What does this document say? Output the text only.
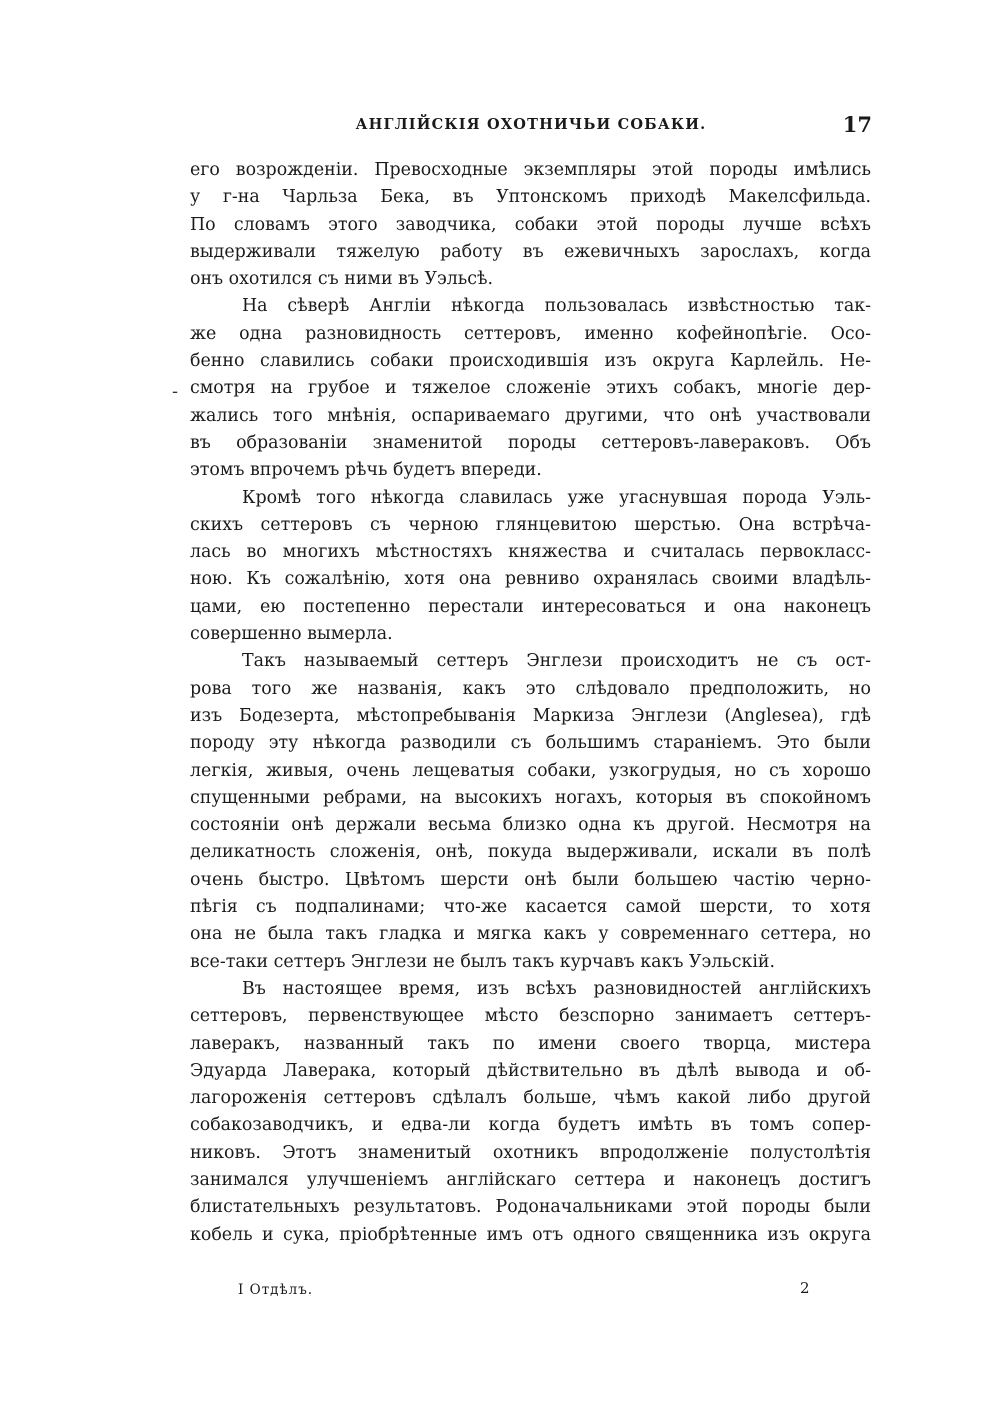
АНГЛІЙСКІЯ ОХОТНИЧЬИ СОБАКИ.	17
-
его возрожденіи. Превосходные экземпляры этой породы имѣлись
у г-на Чарльза Бека, въ Уптонскомъ приходѣ Макелсфильда.
По словамъ этого заводчика, собаки этой породы лучше всѣхъ
выдерживали тяжелую работу въ ежевичныхъ зарослахъ, когда
онъ охотился съ ними въ Уэльсѣ.
На сѣверѣ Англіи нѣкогда пользовалась извѣстностью так-
же одна разновидность сеттеровъ, именно кофейнопѣгіе. Осо-
бенно славились собаки происходившія изъ округа Карлейль. Не-
смотря на грубое и тяжелое сложеніе этихъ собакъ, многіе дер-
жались того мнѣнія, оспариваемаго другими, что онѣ участвовали
въ образованіи знаменитой породы сеттеровъ-лавераковъ. Объ
этомъ впрочемъ рѣчь будетъ впереди.
Кромѣ того нѣкогда славилась уже угаснувшая порода Уэль-
скихъ сеттеровъ съ черною глянцевитою шерстью. Она встрѣча-
лась во многихъ мѣстностяхъ княжества и считалась первокласс-
ною. Къ сожалѣнію, хотя она ревниво охранялась своими владѣль-
цами, ею постепенно перестали интересоваться и она наконецъ
совершенно вымерла.
Такъ называемый сеттеръ Энглези происходитъ не съ ост-
рова того же названія, какъ это слѣдовало предположить, но
изъ Бодезерта, мѣстопребыванія Маркиза Энглези (Anglesea), гдѣ
породу эту нѣкогда разводили съ большимъ стараніемъ. Это были
легкія, живыя, очень лещеватыя собаки, узкогрудыя, но съ хорошо
спущенными ребрами, на высокихъ ногахъ, которыя въ спокойномъ
состояніи онѣ держали весьма близко одна къ другой. Несмотря на
деликатность сложенія, онѣ, покуда выдерживали, искали въ полѣ
очень быстро. Цвѣтомъ шерсти онѣ были большею частію черно-
пѣгія съ подпалинами; что-же касается самой шерсти, то хотя
она не была такъ гладка и мягка какъ у современнаго сеттера, но
все-таки сеттеръ Энглези не былъ такъ курчавъ какъ Уэльскій.
Въ настоящее время, изъ всѣхъ разновидностей англійскихъ
сеттеровъ, первенствующее мѣсто безспорно занимаетъ сеттеръ-
лаверакъ, названный такъ по имени своего творца, мистера
Эдуарда Лаверака, который дѣйствительно въ дѣлѣ вывода и об-
лагороженія сеттеровъ сдѣлалъ больше, чѣмъ какой либо другой
собакозаводчикъ, и едва-ли когда будетъ имѣть въ томъ сопер-
никовъ. Этотъ знаменитый охотникъ впродолженіе полустолѣтія
занимался улучшеніемъ англійскаго сеттера и наконецъ достигъ
блистательныхъ результатовъ. Родоначальниками этой породы были
кобель и сука, пріобрѣтенные имъ отъ одного священника изъ округа
I Отдѣлъ.	2
